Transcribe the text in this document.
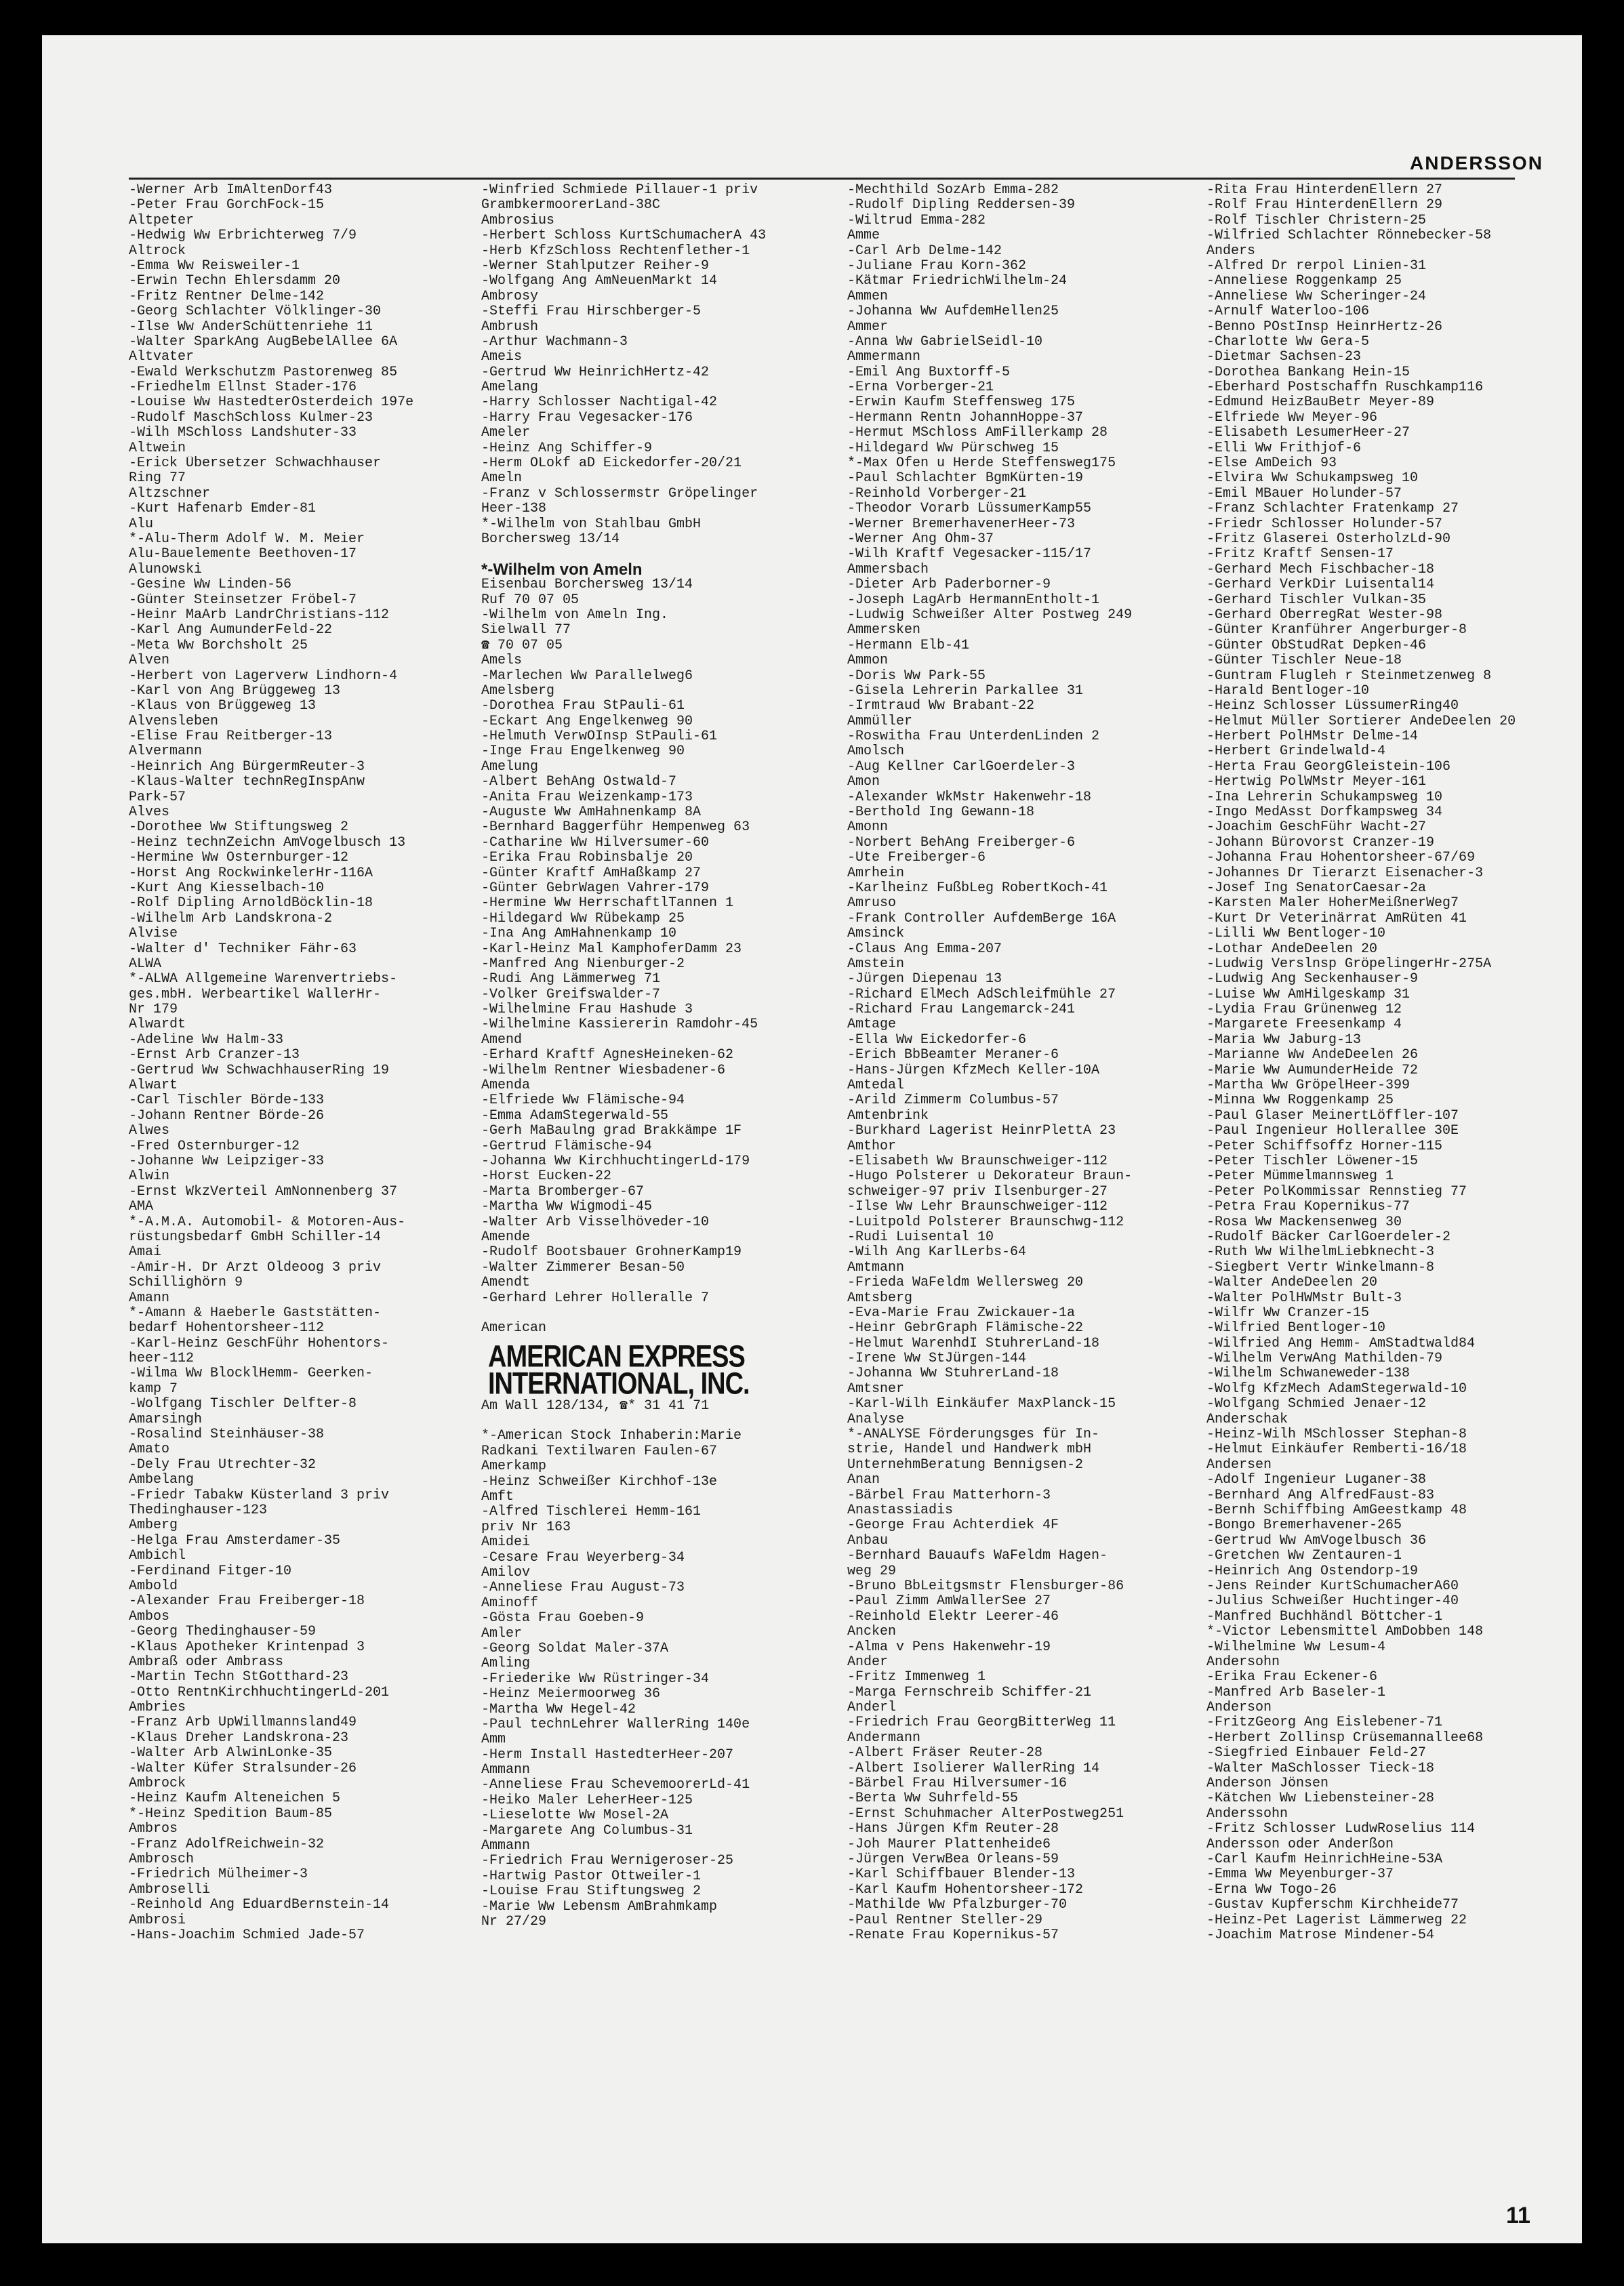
ANDERSSON
-Werner Arb ImAltenDorf43
-Peter Frau GorchFock-15
Altpeter
-Hedwig Ww Erbrichterweg 7/9
Altrock
-Emma Ww Reisweiler-1
-Erwin Techn Ehlersdamm 20
-Fritz Rentner Delme-142
-Georg Schlachter Völklinger-30
-Ilse Ww AnderSchüttenriehe 11
-Walter SparkAng AugBebelAllee 6A
Altvater
-Ewald Werkschutzm Pastorenweg 85
-Friedhelm Ellnst Stader-176
-Louise Ww HastedterOsterdeich 197e
-Rudolf MaschSchloss Kulmer-23
-Wilh MSchloss Landshuter-33
Altwein
-Erick Übersetzer Schwachhauser
Ring 77
Altzschner
-Kurt Hafenarb Emder-81
Alu
*-Alu-Therm Adolf W. M. Meier
Alu-Bauelemente Beethoven-17
Alunowski
-Gesine Ww Linden-56
-Günter Steinsetzer Fröbel-7
-Heinr MaArb LandrChristians-112
-Karl Ang AumunderFeld-22
-Meta Ww Borchsholt 25
Alven
-Herbert von Lagerverw Lindhorn-4
-Karl von Ang Brüggeweg 13
-Klaus von Brüggeweg 13
Alvensleben
-Elise Frau Reitberger-13
Alvermann
-Heinrich Ang BürgermReuter-3
-Klaus-Walter technRegInspAnw
Park-57
Alves
-Dorothee Ww Stiftungsweg 2
-Heinz technZeichn AmVogelbusch 13
-Hermine Ww Osternburger-12
-Horst Ang RockwinkelerHr-116A
-Kurt Ang Kiesselbach-10
-Rolf Dipling ArnoldBöcklin-18
-Wilhelm Arb Landskrona-2
Alvise
-Walter d' Techniker Fähr-63
ALWA
*-ALWA Allgemeine Warenvertriebs-
ges.mbH. Werbeartikel WallerHr-
Nr 179
Alwardt
-Adeline Ww Halm-33
-Ernst Arb Cranzer-13
-Gertrud Ww SchwachhauserRing 19
Alwart
-Carl Tischler Börde-133
-Johann Rentner Börde-26
Alwes
-Fred Osternburger-12
-Johanne Ww Leipziger-33
Alwin
-Ernst WkzVerteil AmNonnenberg 37
AMA
*-A.M.A. Automobil- & Motoren-Aus-
rüstungsbedarf GmbH Schiller-14
Amai
-Amir-H. Dr Arzt Oldeoog 3 priv
Schillighörn 9
Amann
*-Amann & Haeberle Gaststätten-
bedarf Hohentorsheer-112
-Karl-Heinz GeschFühr Hohentors-
heer-112
-Wilma Ww BlocklHemm- Geerken-
kamp 7
-Wolfgang Tischler Delfter-8
Amarsingh
-Rosalind Steinhäuser-38
Amato
-Dely Frau Utrechter-32
Ambelang
-Friedr Tabakw Küsterland 3 priv
Thedinghauser-123
Amberg
-Helga Frau Amsterdamer-35
Ambichl
-Ferdinand Fitger-10
Ambold
-Alexander Frau Freiberger-18
Ambos
-Georg Thedinghauser-59
-Klaus Apotheker Krintenpad 3
Ambraß oder Ambrass
-Martin Techn StGotthard-23
-Otto RentnKirchhuchtingerLd-201
Ambries
-Franz Arb UpWillmannsland49
-Klaus Dreher Landskrona-23
-Walter Arb AlwinLonke-35
-Walter Küfer Stralsunder-26
Ambrock
-Heinz Kaufm Alteneichen 5
*-Heinz Spedition Baum-85
Ambros
-Franz AdolfReichwein-32
Ambrosch
-Friedrich Mülheimer-3
Ambroselli
-Reinhold Ang EduardBernstein-14
Ambrosi
-Hans-Joachim Schmied Jade-57
-Winfried Schmiede Pillauer-1 priv
GrambkermoorerLand-38C
Ambrosius
-Herbert Schloss KurtSchumacherA 43
-Herb KfzSchloss Rechtenflether-1
-Werner Stahlputzer Reiher-9
-Wolfgang Ang AmNeuenMarkt 14
Ambrosy
-Steffi Frau Hirschberger-5
Ambrush
-Arthur Wachmann-3
Ameis
-Gertrud Ww HeinrichHertz-42
Amelang
-Harry Schlosser Nachtigal-42
-Harry Frau Vegesacker-176
Ameler
-Heinz Ang Schiffer-9
-Herm OLokf aD Eickedorfer-20/21
Ameln
-Franz v Schlossermstr Gröpelinger
Heer-138
*-Wilhelm von Stahlbau GmbH
Borchersweg 13/14
*-Wilhelm von Ameln
Eisenbau Borchersweg 13/14
Ruf 70 07 05
-Wilhelm von Ameln Ing.
Sielwall 77
☎ 70 07 05
Amels
-Marlechen Ww Parallelweg6
Amelsberg
-Dorothea Frau StPauli-61
-Eckart Ang Engelkenweg 90
-Helmuth VerwOInsp StPauli-61
-Inge Frau Engelkenweg 90
Amelung
-Albert BehAng Ostwald-7
-Anita Frau Weizenkamp-173
-Auguste Ww AmHahnenkamp 8A
-Bernhard Baggerführ Hempenweg 63
-Catharine Ww Hilversumer-60
-Erika Frau Robinsbalje 20
-Günter Kraftf AmHaßkamp 27
-Günter GebrWagen Vahrer-179
-Hermine Ww HerrschaftlTannen 1
-Hildegard Ww Rübekamp 25
-Ina Ang AmHahnenkamp 10
-Karl-Heinz Mal KamphoferDamm 23
-Manfred Ang Nienburger-2
-Rudi Ang Lämmerweg 71
-Volker Greifswalder-7
-Wilhelmine Frau Hashude 3
-Wilhelmine Kassiererin Ramdohr-45
Amend
-Erhard Kraftf AgnesHeineken-62
-Wilhelm Rentner Wiesbadener-6
Amenda
-Elfriede Ww Flämische-94
-Emma AdamStegerwald-55
-Gerh MaBaulng grad Brakkämpe 1F
-Gertrud Flämische-94
-Johanna Ww KirchhuchtingerLd-179
-Horst Eucken-22
-Marta Bromberger-67
-Martha Ww Wigmodi-45
-Walter Arb Visselhöveder-10
Amende
-Rudolf Bootsbauer GrohnerKamp19
-Walter Zimmerer Besan-50
Amendt
-Gerhard Lehrer Holleralle 7
American
AMERICAN EXPRESS
INTERNATIONAL, INC.
Am Wall 128/134, ☎* 31 41 71
*-American Stock Inhaberin:Marie
Radkani Textilwaren Faulen-67
Amerkamp
-Heinz Schweißer Kirchhof-13e
Amft
-Alfred Tischlerei Hemm-161
priv Nr 163
Amidei
-Cesare Frau Weyerberg-34
Amilov
-Anneliese Frau August-73
Aminoff
-Gösta Frau Goeben-9
Amler
-Georg Soldat Maler-37A
Amling
-Friederike Ww Rüstringer-34
-Heinz Meiermoorweg 36
-Martha Ww Hegel-42
-Paul technLehrer WallerRing 140e
Amm
-Herm Install HastedterHeer-207
Ammann
-Anneliese Frau SchevemoorerLd-41
-Heiko Maler LeherHeer-125
-Lieselotte Ww Mosel-2A
-Margarete Ang Columbus-31
Ammann
-Friedrich Frau Wernigeroser-25
-Hartwig Pastor Ottweiler-1
-Louise Frau Stiftungsweg 2
-Marie Ww Lebensm AmBrahmkamp
Nr 27/29
-Mechthild SozArb Emma-282
-Rudolf Dipling Reddersen-39
-Wiltrud Emma-282
Amme
-Carl Arb Delme-142
-Juliane Frau Korn-362
-Kätmar FriedrichWilhelm-24
Ammen
-Johanna Ww AufdemHellen25
Ammer
-Anna Ww GabrielSeidl-10
Ammermann
-Emil Ang Buxtorff-5
-Erna Vorberger-21
-Erwin Kaufm Steffensweg 175
-Hermann Rentn JohannHoppe-37
-Hermut MSchloss AmFillerkamp 28
-Hildegard Ww Pürschweg 15
*-Max Ofen u Herde Steffensweg175
-Paul Schlachter BgmKürten-19
-Reinhold Vorberger-21
-Theodor Vorarb LüssumerKamp55
-Werner BremerhavenerHeer-73
-Werner Ang Ohm-37
-Wilh Kraftf Vegesacker-115/17
Ammersbach
-Dieter Arb Paderborner-9
-Joseph LagArb HermannEntholt-1
-Ludwig Schweißer Alter Postweg 249
Ammersken
-Hermann Elb-41
Ammon
-Doris Ww Park-55
-Gisela Lehrerin Parkallee 31
-Irmtraud Ww Brabant-22
Ammüller
-Roswitha Frau UnterdenLinden 2
Amolsch
-Aug Kellner CarlGoerdeler-3
Amon
-Alexander WkMstr Hakenwehr-18
-Berthold Ing Gewann-18
Amonn
-Norbert BehAng Freiberger-6
-Ute Freiberger-6
Amrhein
-Karlheinz FußbLeg RobertKoch-41
Amruso
-Frank Controller AufdemBerge 16A
Amsinck
-Claus Ang Emma-207
Amstein
-Jürgen Diepenau 13
-Richard ElMech AdSchleifmühle 27
-Richard Frau Langemarck-241
Amtage
-Ella Ww Eickedorfer-6
-Erich BbBeamter Meraner-6
-Hans-Jürgen KfzMech Keller-10A
Amtedal
-Arild Zimmerm Columbus-57
Amtenbrink
-Burkhard Lagerist HeinrPlettA 23
Amthor
-Elisabeth Ww Braunschweiger-112
-Hugo Polsterer u Dekorateur Braun-
schweiger-97 priv Ilsenburger-27
-Ilse Ww Lehr Braunschweiger-112
-Luitpold Polsterer Braunschwg-112
-Rudi Luisental 10
-Wilh Ang KarlLerbs-64
Amtmann
-Frieda WaFeldm Wellersweg 20
Amtsberg
-Eva-Marie Frau Zwickauer-1a
-Heinr GebrGraph Flämische-22
-Helmut WarenhdI StuhrerLand-18
-Irene Ww StJürgen-144
-Johanna Ww StuhrerLand-18
Amtsner
-Karl-Wilh Einkäufer MaxPlanck-15
Analyse
*-ANALYSE Förderungsges für In-
strie, Handel und Handwerk mbH
UnternehmBeratung Bennigsen-2
Anan
-Bärbel Frau Matterhorn-3
Anastassiadis
-George Frau Achterdiek 4F
Anbau
-Bernhard Bauaufs WaFeldm Hagen-
weg 29
-Bruno BbLeitgsmstr Flensburger-86
-Paul Zimm AmWallerSee 27
-Reinhold Elektr Leerer-46
Ancken
-Alma v Pens Hakenwehr-19
Ander
-Fritz Immenweg 1
-Marga Fernschreib Schiffer-21
Anderl
-Friedrich Frau GeorgBitterWeg 11
Andermann
-Albert Fräser Reuter-28
-Albert Isolierer WallerRing 14
-Bärbel Frau Hilversumer-16
-Berta Ww Suhrfeld-55
-Ernst Schuhmacher AlterPostweg251
-Hans Jürgen Kfm Reuter-28
-Joh Maurer Plattenheide6
-Jürgen VerwBea Orleans-59
-Karl Schiffbauer Blender-13
-Karl Kaufm Hohentorsheer-172
-Mathilde Ww Pfalzburger-70
-Paul Rentner Steller-29
-Renate Frau Kopernikus-57
-Rita Frau HinterdenEllern 27
-Rolf Frau HinterdenEllern 29
-Rolf Tischler Christern-25
-Wilfried Schlachter Rönnebecker-58
Anders
-Alfred Dr rerpol Linien-31
-Anneliese Roggenkamp 25
-Anneliese Ww Scheringer-24
-Arnulf Waterloo-106
-Benno POstInsp HeinrHertz-26
-Charlotte Ww Gera-5
-Dietmar Sachsen-23
-Dorothea Bankang Hein-15
-Eberhard Postschaffn Ruschkamp116
-Edmund HeizBauBetr Meyer-89
-Elfriede Ww Meyer-96
-Elisabeth LesumerHeer-27
-Elli Ww Frithjof-6
-Else AmDeich 93
-Elvira Ww Schukampsweg 10
-Emil MBauer Holunder-57
-Franz Schlachter Fratenkamp 27
-Friedr Schlosser Holunder-57
-Fritz Glaserei OsterholzLd-90
-Fritz Kraftf Sensen-17
-Gerhard Mech Fischbacher-18
-Gerhard VerkDir Luisental14
-Gerhard Tischler Vulkan-35
-Gerhard OberregRat Wester-98
-Günter Kranführer Angerburger-8
-Günter ObStudRat Depken-46
-Günter Tischler Neue-18
-Guntram Flugleh r Steinmetzenweg 8
-Harald Bentloger-10
-Heinz Schlosser LüssumerRing40
-Helmut Müller Sortierer AndeDeelen 20
-Herbert PolHMstr Delme-14
-Herbert Grindelwald-4
-Herta Frau GeorgGleistein-106
-Hertwig PolWMstr Meyer-161
-Ina Lehrerin Schukampsweg 10
-Ingo MedAsst Dorfkampsweg 34
-Joachim GeschFühr Wacht-27
-Johann Bürovorst Cranzer-19
-Johanna Frau Hohentorsheer-67/69
-Johannes Dr Tierarzt Eisenacher-3
-Josef Ing SenatorCaesar-2a
-Karsten Maler HoherMeißnerWeg7
-Kurt Dr Veterinärrat AmRüten 41
-Lilli Ww Bentloger-10
-Lothar AndeDeelen 20
-Ludwig Verslnsp GröpelingerHr-275A
-Ludwig Ang Seckenhauser-9
-Luise Ww AmHilgeskamp 31
-Lydia Frau Grünenweg 12
-Margarete Freesenkamp 4
-Maria Ww Jaburg-13
-Marianne Ww AndeDeelen 26
-Marie Ww AumunderHeide 72
-Martha Ww GröpelHeer-399
-Minna Ww Roggenkamp 25
-Paul Glaser MeinertLöffler-107
-Paul Ingenieur Hollerallee 30E
-Peter Schiffsoffz Horner-115
-Peter Tischler Löwener-15
-Peter Mümmelmannsweg 1
-Peter PolKommissar Rennstieg 77
-Petra Frau Kopernikus-77
-Rosa Ww Mackensenweg 30
-Rudolf Bäcker CarlGoerdeler-2
-Ruth Ww WilhelmLiebknecht-3
-Siegbert Vertr Winkelmann-8
-Walter AndeDeelen 20
-Walter PolHWMstr Bult-3
-Wilfr Ww Cranzer-15
-Wilfried Bentloger-10
-Wilfried Ang Hemm- AmStadtwald84
-Wilhelm VerwAng Mathilden-79
-Wilhelm Schwaneweder-138
-Wolfg KfzMech AdamStegerwald-10
-Wolfgang Schmied Jenaer-12
Anderschak
-Heinz-Wilh MSchlosser Stephan-8
-Helmut Einkäufer Remberti-16/18
Andersen
-Adolf Ingenieur Luganer-38
-Bernhard Ang AlfredFaust-83
-Bernh Schiffbing AmGeestkamp 48
-Bongo Bremerhavener-265
-Gertrud Ww AmVogelbusch 36
-Gretchen Ww Zentauren-1
-Heinrich Ang Ostendorp-19
-Jens Reinder KurtSchumacherA60
-Julius Schweißer Huchtinger-40
-Manfred Buchhändl Böttcher-1
*-Victor Lebensmittel AmDobben 148
-Wilhelmine Ww Lesum-4
Andersohn
-Erika Frau Eckener-6
-Manfred Arb Baseler-1
Anderson
-FritzGeorg Ang Eislebener-71
-Herbert Zollinsp Crüsemannallee68
-Siegfried Einbauer Feld-27
-Walter MaSchlosser Tieck-18
Anderson Jönsen
-Kätchen Ww Liebensteiner-28
Anderssohn
-Fritz Schlosser LudwRoselius 114
Andersson oder Anderßon
-Carl Kaufm HeinrichHeine-53A
-Emma Ww Meyenburger-37
-Erna Ww Togo-26
-Gustav Kupferschm Kirchheide77
-Heinz-Pet Lagerist Lämmerweg 22
-Joachim Matrose Mindener-54
11
